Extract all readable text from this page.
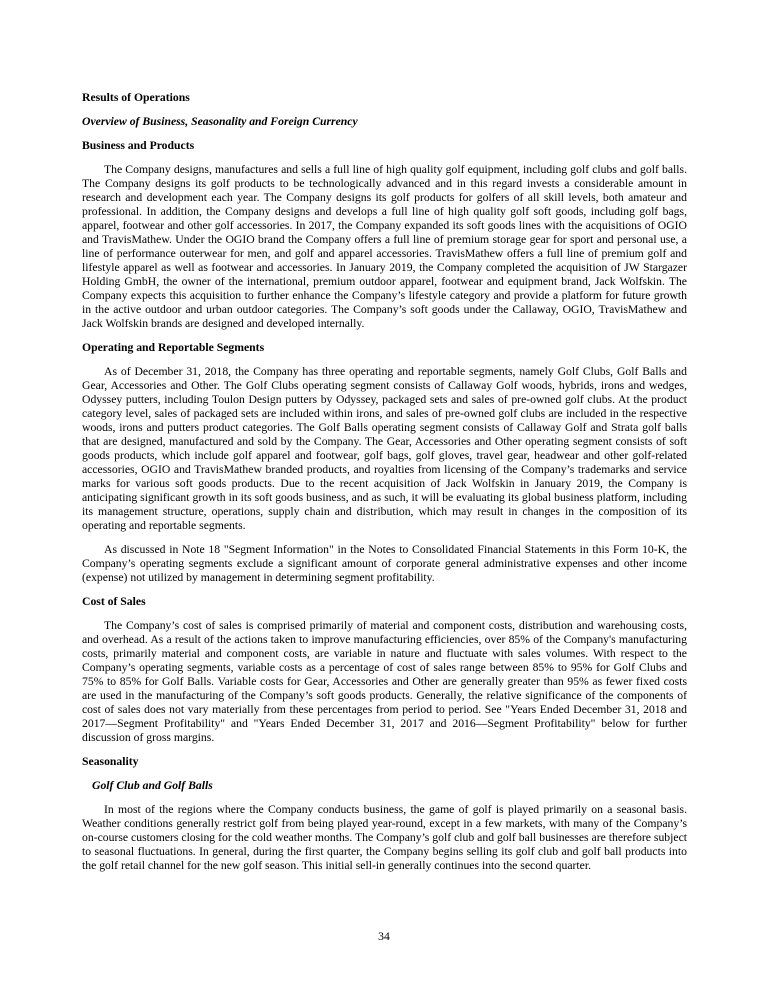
Results of Operations

Overview of Business, Seasonality and Foreign Currency

Business and Products

The Company designs, manufactures and sells a full line of high quality golf equipment, including golf clubs and golf balls. The Company designs its golf products to be technologically advanced and in this regard invests a considerable amount in research and development each year. The Company designs its golf products for golfers of all skill levels, both amateur and professional. In addition, the Company designs and develops a full line of high quality golf soft goods, including golf bags, apparel, footwear and other golf accessories. In 2017, the Company expanded its soft goods lines with the acquisitions of OGIO and TravisMathew. Under the OGIO brand the Company offers a full line of premium storage gear for sport and personal use, a line of performance outerwear for men, and golf and apparel accessories. TravisMathew offers a full line of premium golf and lifestyle apparel as well as footwear and accessories. In January 2019, the Company completed the acquisition of JW Stargazer Holding GmbH, the owner of the international, premium outdoor apparel, footwear and equipment brand, Jack Wolfskin. The Company expects this acquisition to further enhance the Company’s lifestyle category and provide a platform for future growth in the active outdoor and urban outdoor categories. The Company’s soft goods under the Callaway, OGIO, TravisMathew and Jack Wolfskin brands are designed and developed internally.

Operating and Reportable Segments

As of December 31, 2018, the Company has three operating and reportable segments, namely Golf Clubs, Golf Balls and Gear, Accessories and Other. The Golf Clubs operating segment consists of Callaway Golf woods, hybrids, irons and wedges, Odyssey putters, including Toulon Design putters by Odyssey, packaged sets and sales of pre-owned golf clubs. At the product category level, sales of packaged sets are included within irons, and sales of pre-owned golf clubs are included in the respective woods, irons and putters product categories. The Golf Balls operating segment consists of Callaway Golf and Strata golf balls that are designed, manufactured and sold by the Company. The Gear, Accessories and Other operating segment consists of soft goods products, which include golf apparel and footwear, golf bags, golf gloves, travel gear, headwear and other golf-related accessories, OGIO and TravisMathew branded products, and royalties from licensing of the Company’s trademarks and service marks for various soft goods products. Due to the recent acquisition of Jack Wolfskin in January 2019, the Company is anticipating significant growth in its soft goods business, and as such, it will be evaluating its global business platform, including its management structure, operations, supply chain and distribution, which may result in changes in the composition of its operating and reportable segments.

As discussed in Note 18 "Segment Information" in the Notes to Consolidated Financial Statements in this Form 10-K, the Company’s operating segments exclude a significant amount of corporate general administrative expenses and other income (expense) not utilized by management in determining segment profitability.

Cost of Sales

The Company’s cost of sales is comprised primarily of material and component costs, distribution and warehousing costs, and overhead. As a result of the actions taken to improve manufacturing efficiencies, over 85% of the Company's manufacturing costs, primarily material and component costs, are variable in nature and fluctuate with sales volumes. With respect to the Company’s operating segments, variable costs as a percentage of cost of sales range between 85% to 95% for Golf Clubs and 75% to 85% for Golf Balls. Variable costs for Gear, Accessories and Other are generally greater than 95% as fewer fixed costs are used in the manufacturing of the Company’s soft goods products. Generally, the relative significance of the components of cost of sales does not vary materially from these percentages from period to period. See "Years Ended December 31, 2018 and 2017—Segment Profitability" and "Years Ended December 31, 2017 and 2016—Segment Profitability" below for further discussion of gross margins.

Seasonality

Golf Club and Golf Balls

In most of the regions where the Company conducts business, the game of golf is played primarily on a seasonal basis. Weather conditions generally restrict golf from being played year-round, except in a few markets, with many of the Company’s on-course customers closing for the cold weather months. The Company’s golf club and golf ball businesses are therefore subject to seasonal fluctuations. In general, during the first quarter, the Company begins selling its golf club and golf ball products into the golf retail channel for the new golf season. This initial sell-in generally continues into the second quarter.

34
